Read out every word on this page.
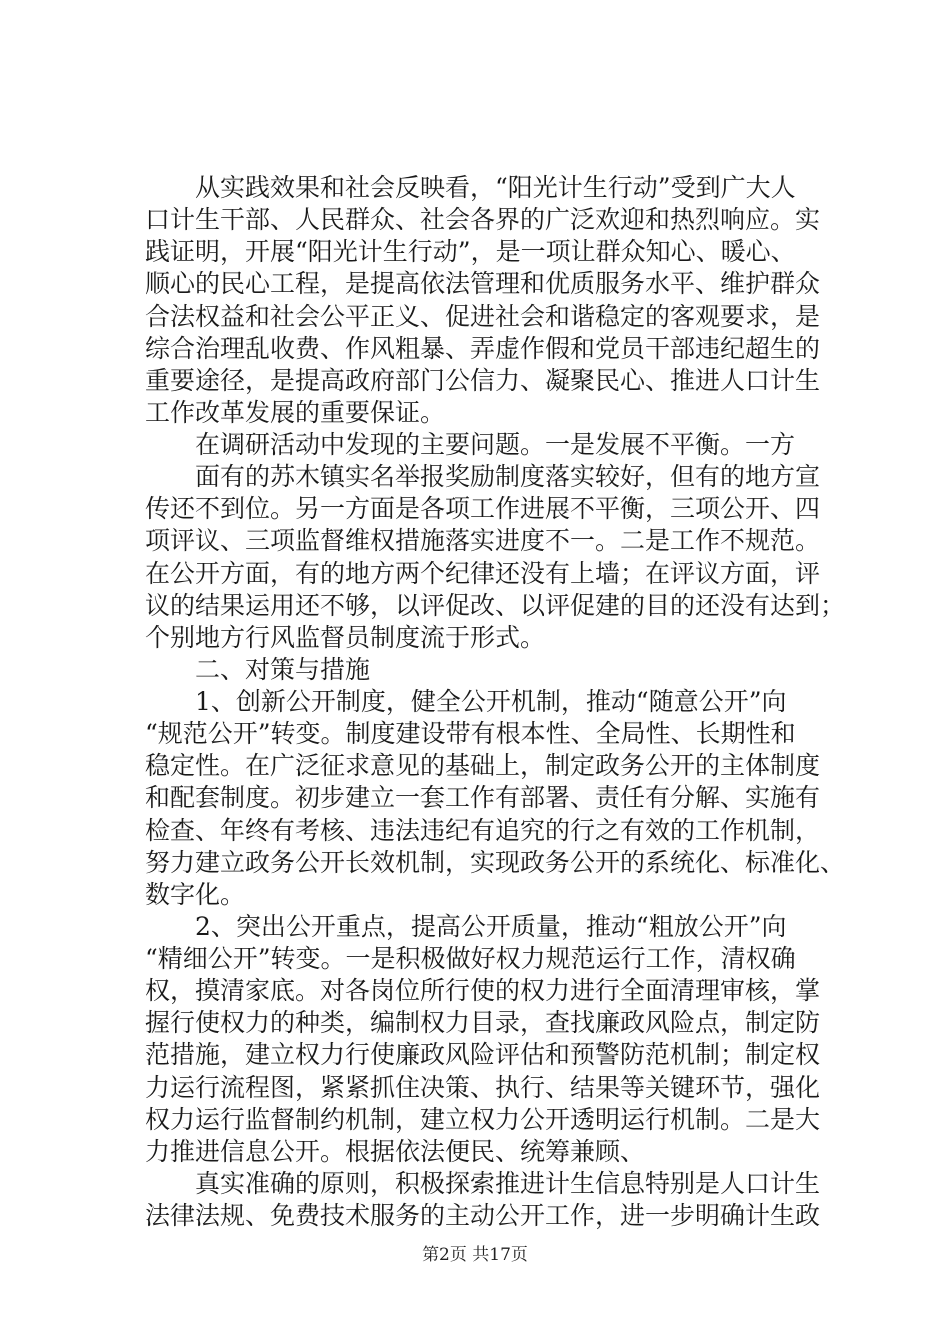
　　从实践效果和社会反映看，“阳光计生行动”受到广大人
口计生干部、人民群众、社会各界的广泛欢迎和热烈响应。实
践证明，开展“阳光计生行动”，是一项让群众知心、暖心、
顺心的民心工程，是提高依法管理和优质服务水平、维护群众
合法权益和社会公平正义、促进社会和谐稳定的客观要求，是
综合治理乱收费、作风粗暴、弄虚作假和党员干部违纪超生的
重要途径，是提高政府部门公信力、凝聚民心、推进人口计生
工作改革发展的重要保证。
　　在调研活动中发现的主要问题。一是发展不平衡。一方
　　面有的苏木镇实名举报奖励制度落实较好，但有的地方宣
传还不到位。另一方面是各项工作进展不平衡，三项公开、四
项评议、三项监督维权措施落实进度不一。二是工作不规范。
在公开方面，有的地方两个纪律还没有上墙；在评议方面，评
议的结果运用还不够，以评促改、以评促建的目的还没有达到；
个别地方行风监督员制度流于形式。
　　二、对策与措施
　　1、创新公开制度，健全公开机制，推动“随意公开”向
“规范公开”转变。制度建设带有根本性、全局性、长期性和
稳定性。在广泛征求意见的基础上，制定政务公开的主体制度
和配套制度。初步建立一套工作有部署、责任有分解、实施有
检查、年终有考核、违法违纪有追究的行之有效的工作机制，
努力建立政务公开长效机制，实现政务公开的系统化、标准化、
数字化。
　　2、突出公开重点，提高公开质量，推动“粗放公开”向
“精细公开”转变。一是积极做好权力规范运行工作，清权确
权，摸清家底。对各岗位所行使的权力进行全面清理审核，掌
握行使权力的种类，编制权力目录，查找廉政风险点，制定防
范措施，建立权力行使廉政风险评估和预警防范机制；制定权
力运行流程图，紧紧抓住决策、执行、结果等关键环节，强化
权力运行监督制约机制，建立权力公开透明运行机制。二是大
力推进信息公开。根据依法便民、统筹兼顾、
　　真实准确的原则，积极探索推进计生信息特别是人口计生
法律法规、免费技术服务的主动公开工作，进一步明确计生政
第2页 共17页
